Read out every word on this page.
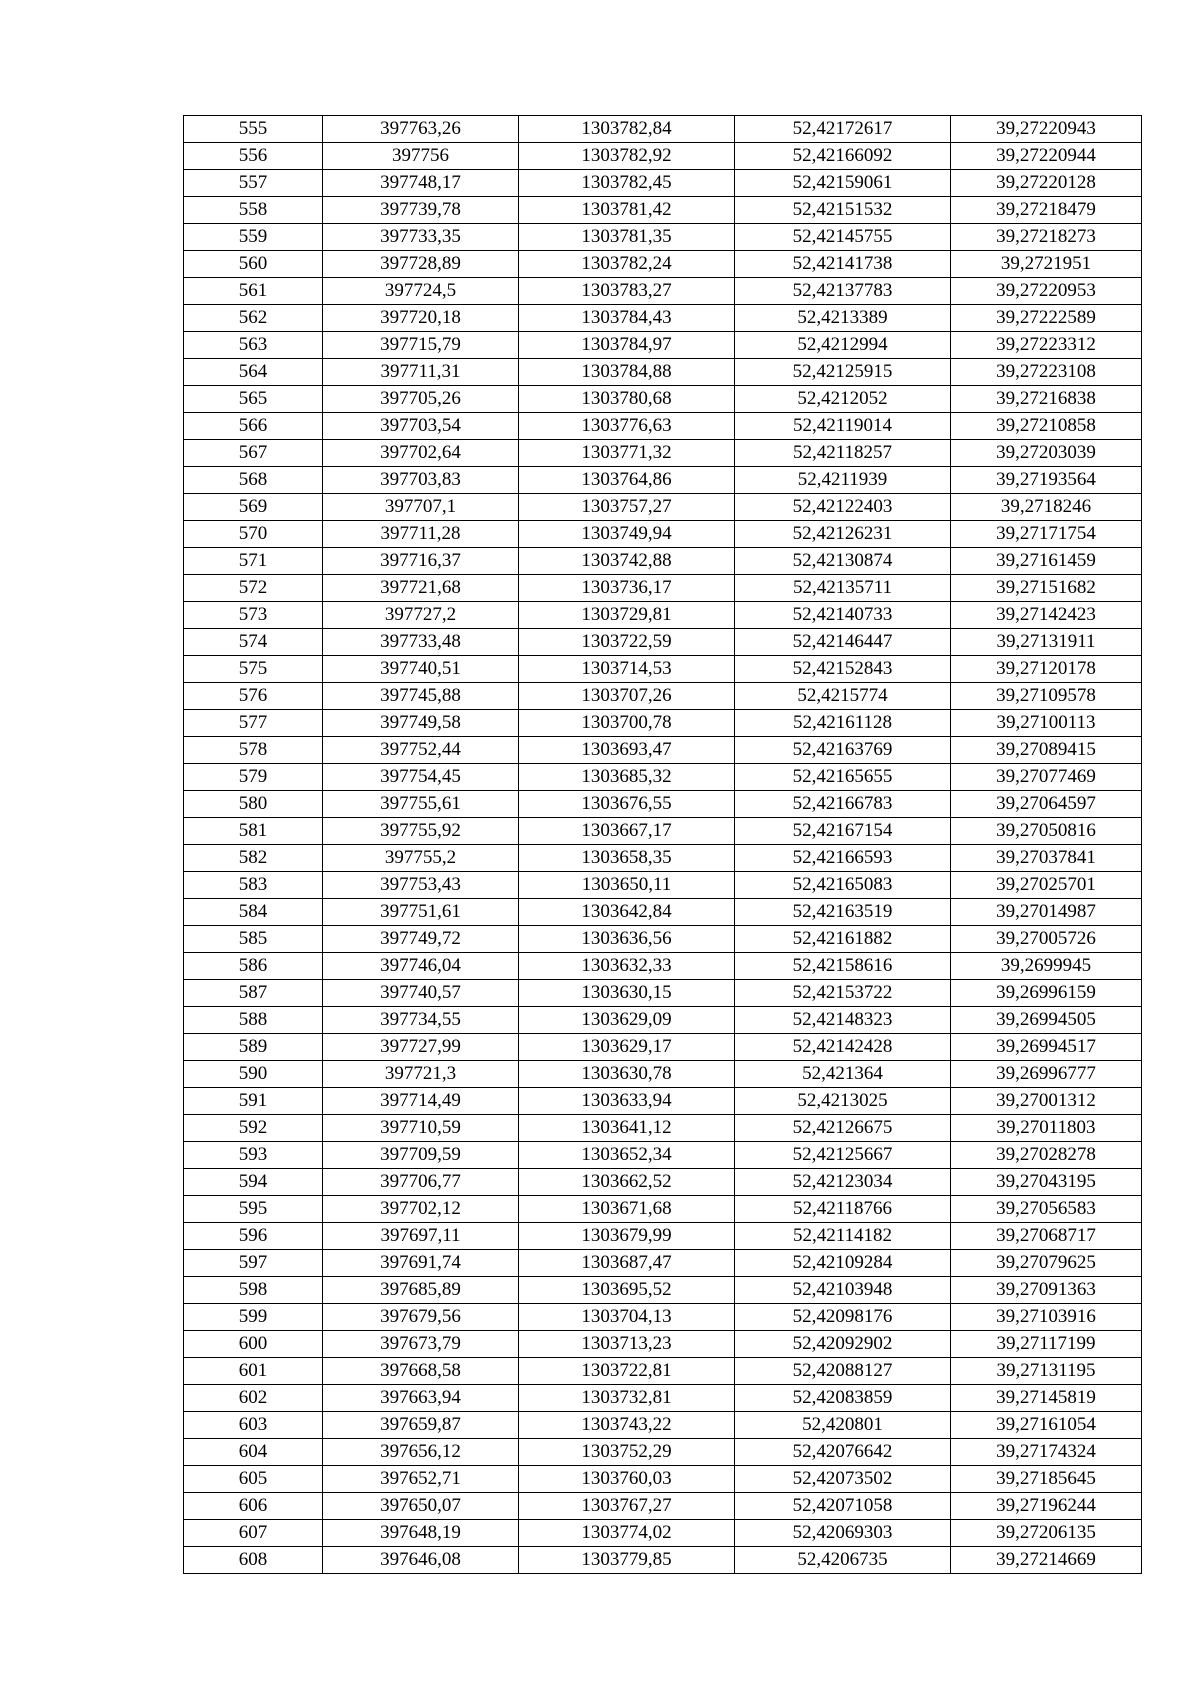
555	397763,26	1303782,84	52,42172617	39,27220943
556	397756	1303782,92	52,42166092	39,27220944
557	397748,17	1303782,45	52,42159061	39,27220128
558	397739,78	1303781,42	52,42151532	39,27218479
559	397733,35	1303781,35	52,42145755	39,27218273
560	397728,89	1303782,24	52,42141738	39,2721951
561	397724,5	1303783,27	52,42137783	39,27220953
562	397720,18	1303784,43	52,4213389	39,27222589
563	397715,79	1303784,97	52,4212994	39,27223312
564	397711,31	1303784,88	52,42125915	39,27223108
565	397705,26	1303780,68	52,4212052	39,27216838
566	397703,54	1303776,63	52,42119014	39,27210858
567	397702,64	1303771,32	52,42118257	39,27203039
568	397703,83	1303764,86	52,4211939	39,27193564
569	397707,1	1303757,27	52,42122403	39,2718246
570	397711,28	1303749,94	52,42126231	39,27171754
571	397716,37	1303742,88	52,42130874	39,27161459
572	397721,68	1303736,17	52,42135711	39,27151682
573	397727,2	1303729,81	52,42140733	39,27142423
574	397733,48	1303722,59	52,42146447	39,27131911
575	397740,51	1303714,53	52,42152843	39,27120178
576	397745,88	1303707,26	52,4215774	39,27109578
577	397749,58	1303700,78	52,42161128	39,27100113
578	397752,44	1303693,47	52,42163769	39,27089415
579	397754,45	1303685,32	52,42165655	39,27077469
580	397755,61	1303676,55	52,42166783	39,27064597
581	397755,92	1303667,17	52,42167154	39,27050816
582	397755,2	1303658,35	52,42166593	39,27037841
583	397753,43	1303650,11	52,42165083	39,27025701
584	397751,61	1303642,84	52,42163519	39,27014987
585	397749,72	1303636,56	52,42161882	39,27005726
586	397746,04	1303632,33	52,42158616	39,2699945
587	397740,57	1303630,15	52,42153722	39,26996159
588	397734,55	1303629,09	52,42148323	39,26994505
589	397727,99	1303629,17	52,42142428	39,26994517
590	397721,3	1303630,78	52,421364	39,26996777
591	397714,49	1303633,94	52,4213025	39,27001312
592	397710,59	1303641,12	52,42126675	39,27011803
593	397709,59	1303652,34	52,42125667	39,27028278
594	397706,77	1303662,52	52,42123034	39,27043195
595	397702,12	1303671,68	52,42118766	39,27056583
596	397697,11	1303679,99	52,42114182	39,27068717
597	397691,74	1303687,47	52,42109284	39,27079625
598	397685,89	1303695,52	52,42103948	39,27091363
599	397679,56	1303704,13	52,42098176	39,27103916
600	397673,79	1303713,23	52,42092902	39,27117199
601	397668,58	1303722,81	52,42088127	39,27131195
602	397663,94	1303732,81	52,42083859	39,27145819
603	397659,87	1303743,22	52,420801	39,27161054
604	397656,12	1303752,29	52,42076642	39,27174324
605	397652,71	1303760,03	52,42073502	39,27185645
606	397650,07	1303767,27	52,42071058	39,27196244
607	397648,19	1303774,02	52,42069303	39,27206135
608	397646,08	1303779,85	52,4206735	39,27214669
